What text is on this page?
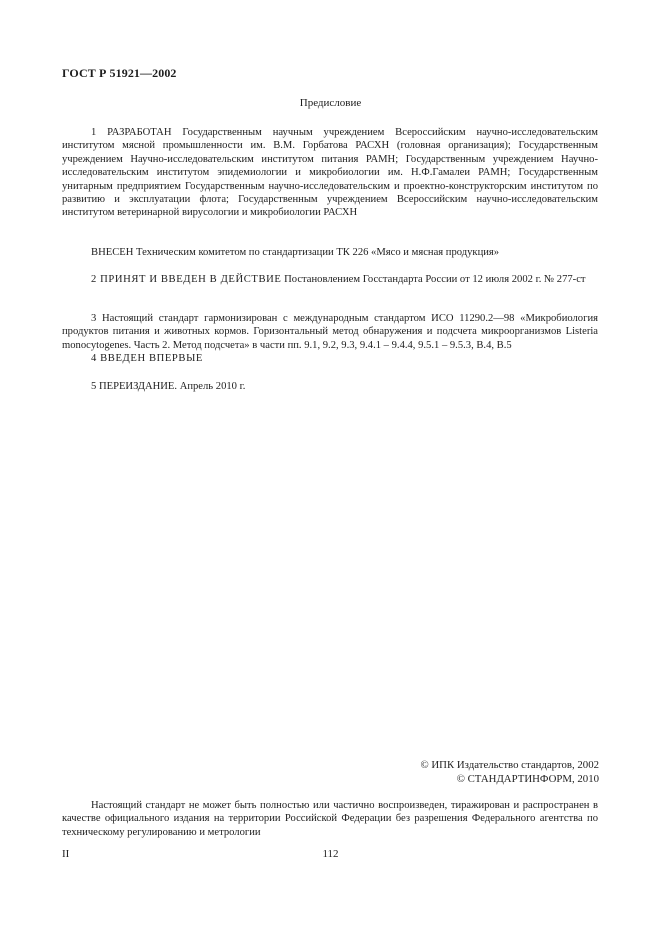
ГОСТ Р 51921—2002
Предисловие

1 РАЗРАБОТАН Государственным научным учреждением Всероссийским научно-исследовательским институтом мясной промышленности им. В.М. Горбатова РАСХН (головная организация); Государственным учреждением Научно-исследовательским институтом питания РАМН; Государственным учреждением Научно-исследовательским институтом эпидемиологии и микробиологии им. Н.Ф.Гамалеи РАМН; Государственным унитарным предприятием Государственным научно-исследовательским и проектно-конструкторским институтом по развитию и эксплуатации флота; Государственным учреждением Всероссийским научно-исследовательским институтом ветеринарной вирусологии и микробиологии РАСХН

ВНЕСЕН Техническим комитетом по стандартизации ТК 226 «Мясо и мясная продукция»

2 ПРИНЯТ И ВВЕДЕН В ДЕЙСТВИЕ Постановлением Госстандарта России от 12 июля 2002 г. № 277-ст

3 Настоящий стандарт гармонизирован с международным стандартом ИСО 11290.2—98 «Микробиология продуктов питания и животных кормов. Горизонтальный метод обнаружения и подсчета микроорганизмов Listeria monocytogenes. Часть 2. Метод подсчета» в части пп. 9.1, 9.2, 9.3, 9.4.1 – 9.4.4, 9.5.1 – 9.5.3, В.4, В.5

4 ВВЕДЕН ВПЕРВЫЕ

5 ПЕРЕИЗДАНИЕ. Апрель 2010 г.

© ИПК Издательство стандартов, 2002
© СТАНДАРТИНФОРМ, 2010

Настоящий стандарт не может быть полностью или частично воспроизведен, тиражирован и распространен в качестве официального издания на территории Российской Федерации без разрешения Федерального агентства по техническому регулированию и метрологии

II	112
